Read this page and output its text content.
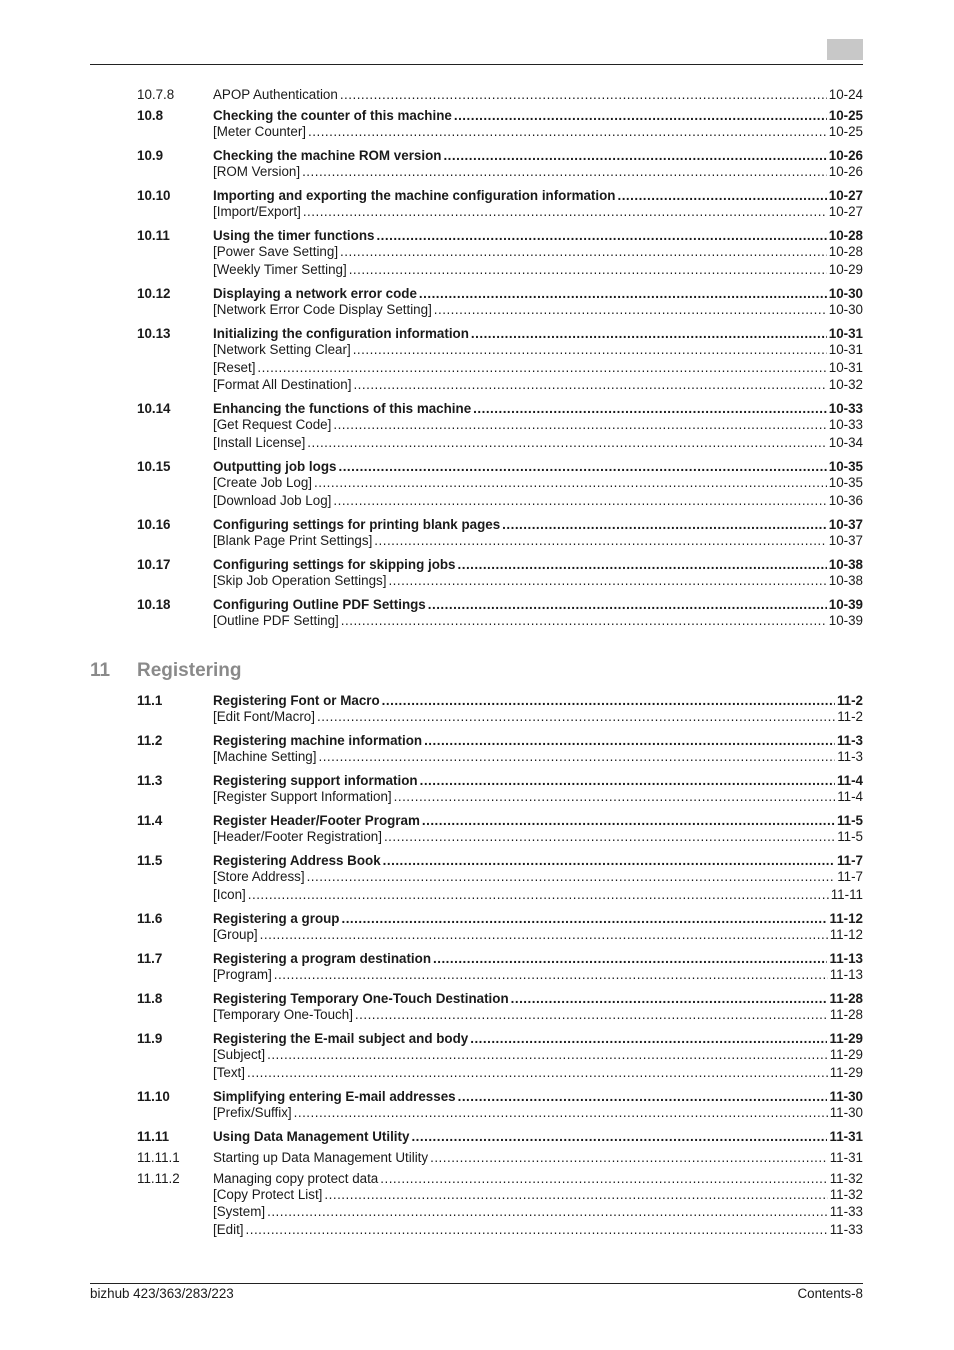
10.7.8	APOP Authentication .....	10-24
10.8	Checking the counter of this machine .....	10-25
[Meter Counter] .....	10-25
10.9	Checking the machine ROM version .....	10-26
[ROM Version] .....	10-26
10.10	Importing and exporting the machine configuration information .....	10-27
[Import/Export] .....	10-27
10.11	Using the timer functions .....	10-28
[Power Save Setting] .....	10-28
[Weekly Timer Setting] .....	10-29
10.12	Displaying a network error code .....	10-30
[Network Error Code Display Setting] .....	10-30
10.13	Initializing the configuration information .....	10-31
[Network Setting Clear] .....	10-31
[Reset] .....	10-31
[Format All Destination] .....	10-32
10.14	Enhancing the functions of this machine .....	10-33
[Get Request Code] .....	10-33
[Install License] .....	10-34
10.15	Outputting job logs .....	10-35
[Create Job Log] .....	10-35
[Download Job Log] .....	10-36
10.16	Configuring settings for printing blank pages .....	10-37
[Blank Page Print Settings] .....	10-37
10.17	Configuring settings for skipping jobs .....	10-38
[Skip Job Operation Settings] .....	10-38
10.18	Configuring Outline PDF Settings .....	10-39
[Outline PDF Setting] .....	10-39
11.1	Registering Font or Macro .....	11-2
[Edit Font/Macro] .....	11-2
11.2	Registering machine information .....	11-3
[Machine Setting] .....	11-3
11.3	Registering support information .....	11-4
[Register Support Information] .....	11-4
11.4	Register Header/Footer Program .....	11-5
[Header/Footer Registration] .....	11-5
11.5	Registering Address Book .....	11-7
[Store Address] .....	11-7
[Icon] .....	11-11
11.6	Registering a group .....	11-12
[Group] .....	11-12
11.7	Registering a program destination .....	11-13
[Program] .....	11-13
11.8	Registering Temporary One-Touch Destination .....	11-28
[Temporary One-Touch] .....	11-28
11.9	Registering the E-mail subject and body .....	11-29
[Subject] .....	11-29
[Text] .....	11-29
11.10	Simplifying entering E-mail addresses .....	11-30
[Prefix/Suffix] .....	11-30
11.11	Using Data Management Utility .....	11-31
11.11.1 Starting up Data Management Utility .....	11-31
11.11.2 Managing copy protect data .....	11-32
[Copy Protect List] .....	11-32
[System] .....	11-33
[Edit] .....	11-33
11 Registering
bizhub 423/363/283/223	Contents-8
